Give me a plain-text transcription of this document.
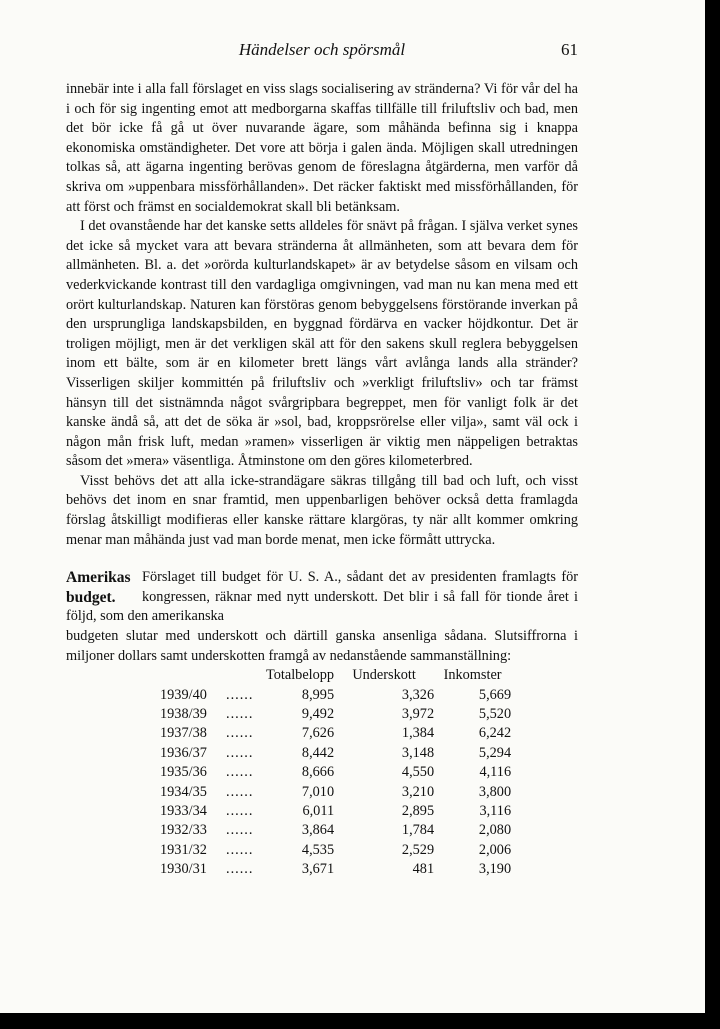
Händelser och spörsmål	61

innebär inte i alla fall förslaget en viss slags socialisering av stränderna? Vi för vår del ha i och för sig ingenting emot att medborgarna skaffas tillfälle till friluftsliv och bad, men det bör icke få gå ut över nuvarande ägare, som måhända befinna sig i knappa ekonomiska omständigheter. Det vore att börja i galen ända. Möjligen skall utredningen tolkas så, att ägarna ingenting berövas genom de föreslagna åtgärderna, men varför då skriva om »uppenbara missförhållanden». Det räcker faktiskt med missförhållanden, för att först och främst en socialdemokrat skall bli betänksam.

I det ovanstående har det kanske setts alldeles för snävt på frågan. I själva verket synes det icke så mycket vara att bevara stränderna åt allmänheten, som att bevara dem för allmänheten. Bl. a. det »orörda kulturlandskapet» är av betydelse såsom en vilsam och vederkvickande kontrast till den vardagliga omgivningen, vad man nu kan mena med ett orört kulturlandskap. Naturen kan förstöras genom bebyggelsens förstörande inverkan på den ursprungliga landskapsbilden, en byggnad fördärva en vacker höjdkontur. Det är troligen möjligt, men är det verkligen skäl att för den sakens skull reglera bebyggelsen inom ett bälte, som är en kilometer brett längs vårt avlånga lands alla stränder? Visserligen skiljer kommittén på friluftsliv och »verkligt friluftsliv» och tar främst hänsyn till det sistnämnda något svårgripbara begreppet, men för vanligt folk är det kanske ändå så, att det de söka är »sol, bad, kroppsrörelse eller vilja», samt väl ock i någon mån frisk luft, medan »ramen» visserligen är viktig men näppeligen betraktas såsom det »mera» väsentliga. Åtminstone om den göres kilometerbred.

Visst behövs det att alla icke-strandägare säkras tillgång till bad och luft, och visst behövs det inom en snar framtid, men uppenbarligen behöver också detta framlagda förslag åtskilligt modifieras eller kanske rättare klargöras, ty när allt kommer omkring menar man måhända just vad man borde menat, men icke förmått uttrycka.

Amerikas
budget.

Förslaget till budget för U. S. A., sådant det av presidenten framlagts för kongressen, räknar med nytt underskott. Det blir i så fall för tionde året i följd, som den amerikanska

budgeten slutar med underskott och därtill ganska ansenliga sådana. Slutsiffrorna i miljoner dollars samt underskotten framgå av nedanstående sammanställning:

		Totalbelopp	Underskott	Inkomster
1939/40	......	8,995	3,326	5,669
1938/39	......	9,492	3,972	5,520
1937/38	......	7,626	1,384	6,242
1936/37	......	8,442	3,148	5,294
1935/36	......	8,666	4,550	4,116
1934/35	......	7,010	3,210	3,800
1933/34	......	6,011	2,895	3,116
1932/33	......	3,864	1,784	2,080
1931/32	......	4,535	2,529	2,006
1930/31	......	3,671	481	3,190
